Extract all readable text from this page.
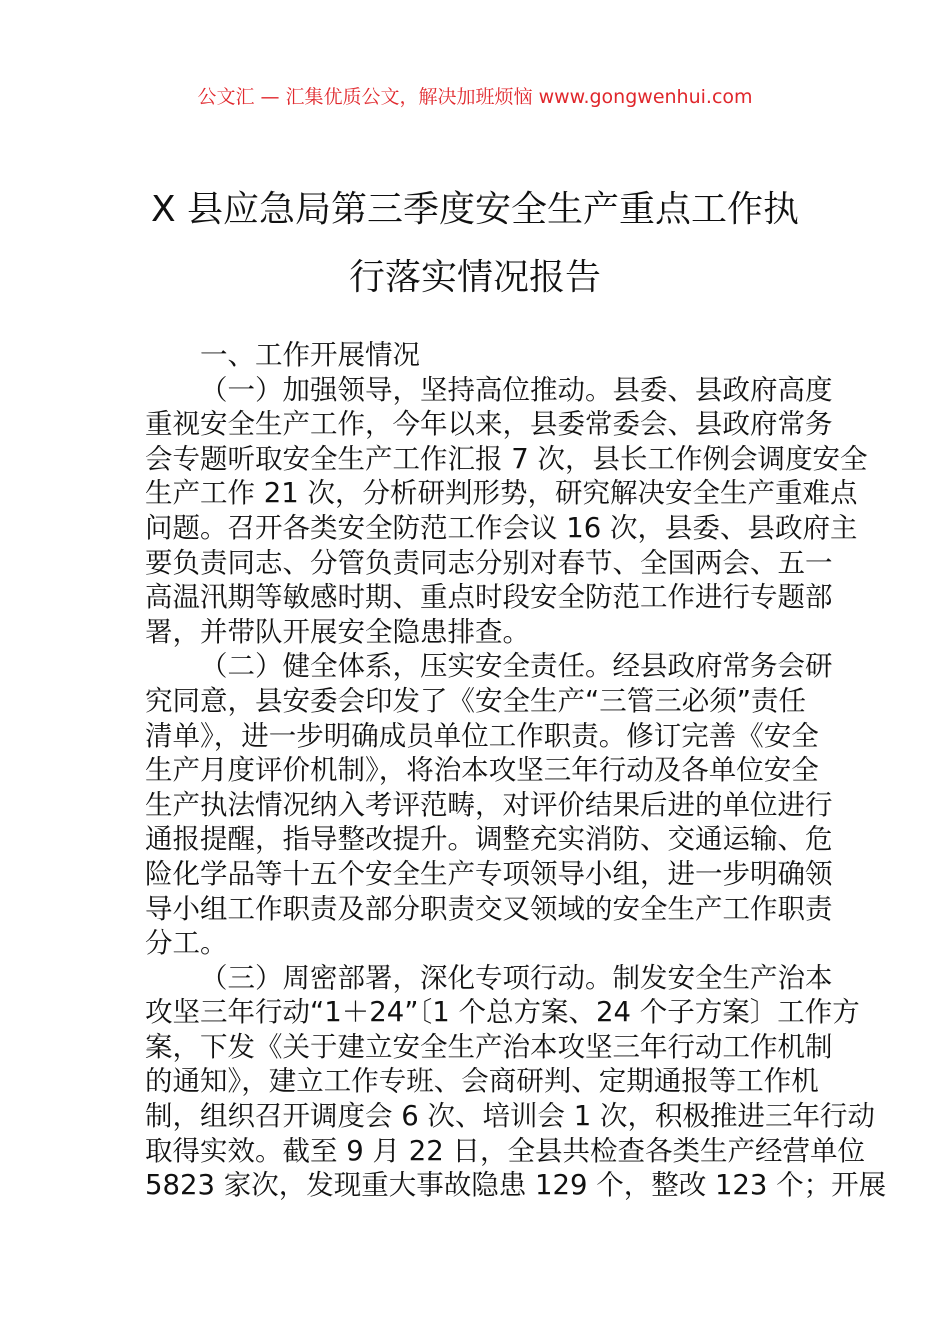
公文汇 — 汇集优质公文，解决加班烦恼 www.gongwenhui.com
X 县应急局第三季度安全生产重点工作执
行落实情况报告
一、工作开展情况
（一）加强领导，坚持高位推动。县委、县政府高度
重视安全生产工作，今年以来，县委常委会、县政府常务
会专题听取安全生产工作汇报 7 次，县长工作例会调度安全
生产工作 21 次，分析研判形势，研究解决安全生产重难点
问题。召开各类安全防范工作会议 16 次，县委、县政府主
要负责同志、分管负责同志分别对春节、全国两会、五一
高温汛期等敏感时期、重点时段安全防范工作进行专题部
署，并带队开展安全隐患排查。
（二）健全体系，压实安全责任。经县政府常务会研
究同意，县安委会印发了《安全生产“三管三必须”责任
清单》，进一步明确成员单位工作职责。修订完善《安全
生产月度评价机制》，将治本攻坚三年行动及各单位安全
生产执法情况纳入考评范畴，对评价结果后进的单位进行
通报提醒，指导整改提升。调整充实消防、交通运输、危
险化学品等十五个安全生产专项领导小组，进一步明确领
导小组工作职责及部分职责交叉领域的安全生产工作职责
分工。
（三）周密部署，深化专项行动。制发安全生产治本
攻坚三年行动“1＋24”〔1 个总方案、24 个子方案〕工作方
案，下发《关于建立安全生产治本攻坚三年行动工作机制
的通知》，建立工作专班、会商研判、定期通报等工作机
制，组织召开调度会 6 次、培训会 1 次，积极推进三年行动
取得实效。截至 9 月 22 日，全县共检查各类生产经营单位
5823 家次，发现重大事故隐患 129 个，整改 123 个；开展
